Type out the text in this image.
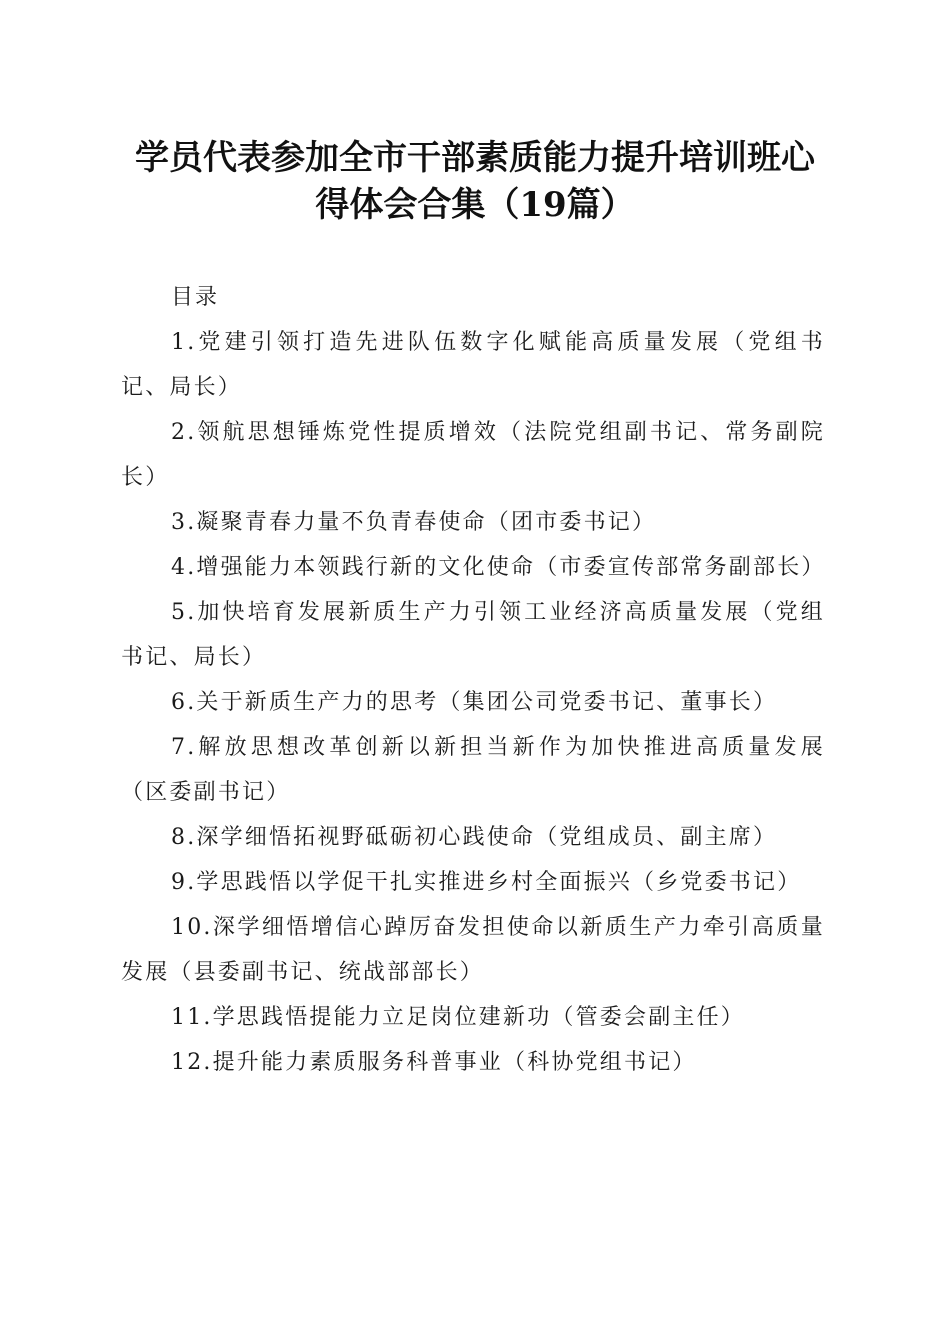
学员代表参加全市干部素质能力提升培训班心
得体会合集（19篇）

目录

1.党建引领打造先进队伍数字化赋能高质量发展（党组书记、局长）

2.领航思想锤炼党性提质增效（法院党组副书记、常务副院长）

3.凝聚青春力量不负青春使命（团市委书记）

4.增强能力本领践行新的文化使命（市委宣传部常务副部长）

5.加快培育发展新质生产力引领工业经济高质量发展（党组书记、局长）

6.关于新质生产力的思考（集团公司党委书记、董事长）

7.解放思想改革创新以新担当新作为加快推进高质量发展（区委副书记）

8.深学细悟拓视野砥砺初心践使命（党组成员、副主席）

9.学思践悟以学促干扎实推进乡村全面振兴（乡党委书记）

10.深学细悟增信心踔厉奋发担使命以新质生产力牵引高质量发展（县委副书记、统战部部长）

11.学思践悟提能力立足岗位建新功（管委会副主任）

12.提升能力素质服务科普事业（科协党组书记）
